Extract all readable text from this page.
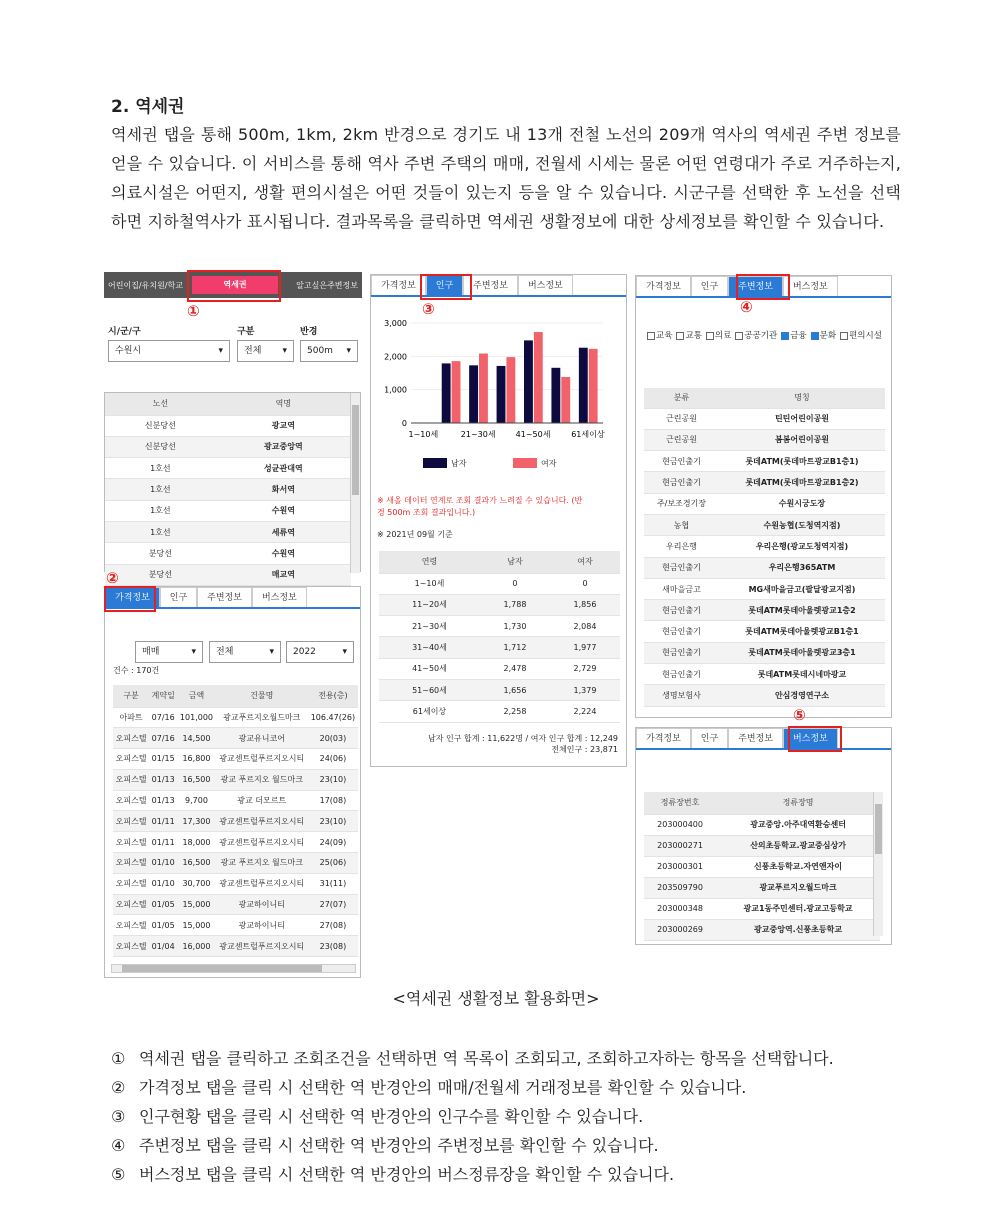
2. 역세권
역세권 탭을 통해 500m, 1km, 2km 반경으로 경기도 내 13개 전철 노선의 209개 역사의 역세권 주변 정보를 얻을 수 있습니다. 이 서비스를 통해 역사 주변 주택의 매매, 전월세 시세는 물론 어떤 연령대가 주로 거주하는지, 의료시설은 어떤지, 생활 편의시설은 어떤 것들이 있는지 등을 알 수 있습니다. 시군구를 선택한 후 노선을 선택하면 지하철역사가 표시됩니다. 결과목록을 클릭하면 역세권 생활정보에 대한 상세정보를 확인할 수 있습니다.
어린이집/유치원/학교	역세권	알고싶은주변정보
①
시/군/구	구분	반경
수원시	▾ 전체 ▾ 500m ▾
노선	역명
신분당선	광교역
신분당선	광교중앙역
1호선	성균관대역
1호선	화서역
1호선	수원역
1호선	세류역
분당선	수원역
분당선	매교역
②
가격정보	인구	주변정보	버스정보
매매	▾ 전체	▾ 2022	▾
건수 : 170건
구분	계약일	금액	건물명	전용(층)
아파트	07/16	101,000	광교푸르지오월드마크	106.47(26)
오피스텔	07/16	14,500	광교유니코어	20(03)
오피스텔	01/15	16,800	광교센트럴푸르지오시티	24(06)
오피스텔	01/13	16,500	광교 푸르지오 월드마크	23(10)
오피스텔	01/13	9,700	광교 더모르트	17(08)
오피스텔	01/11	17,300	광교센트럴푸르지오시티	23(10)
오피스텔	01/11	18,000	광교센트럴푸르지오시티	24(09)
오피스텔	01/10	16,500	광교 푸르지오 월드마크	25(06)
오피스텔	01/10	30,700	광교센트럴푸르지오시티	31(11)
오피스텔	01/05	15,000	광교하이니티	27(07)
오피스텔	01/05	15,000	광교하이니티	27(08)
오피스텔	01/04	16,000	광교센트럴푸르지오시티	23(08)
가격정보	인구	주변정보	버스정보
0
1,000
2,000
3,000
1~10세	21~30세	41~50세	61세이상
남자	여자
※ 새올 데이터 연계로 조회 결과가 느려질 수 있습니다. (반경 500m 조회 결과입니다.)
※ 2021년 09월 기준
연령	남자	여자
1~10세	0	0
11~20세	1,788	1,856
21~30세	1,730	2,084
31~40세	1,712	1,977
41~50세	2,478	2,729
51~60세	1,656	1,379
61세이상	2,258	2,224
남자 인구 합계 : 11,622명 / 여자 인구 합계 : 12,249
전체인구 : 23,871
③
가격정보	인구	주변정보	버스정보
교육 교통 의료 공공기관 금융 문화 편의시설
분류	명칭
근린공원	틴틴어린이공원
근린공원	봄봄어린이공원
현금인출기	롯데ATM(롯데마트광교B1층1)
현금인출기	롯데ATM(롯데마트광교B1층2)
주/보조경기장	수원시궁도장
농협	수원농협(도청역지점)
우리은행	우리은행(광교도청역지점)
현금인출기	우리은행365ATM
새마을금고	MG새마을금고(팔달광교지점)
현금인출기	롯데ATM롯데아울렛광교1층2
현금인출기	롯데ATM롯데아울렛광교B1층1
현금인출기	롯데ATM롯데아울렛광교3층1
현금인출기	롯데ATM롯데시네마광교
생명보험사	안심경영연구소
④
⑤
가격정보	인구	주변정보	버스정보
정류장번호	정류장명
203000400	광교중앙.아주대역환승센터
203000271	산의초등학교.광교중심상가
203000301	신풍초등학교.자연앤자이
203509790	광교푸르지오월드마크
203000348	광교1동주민센터.광교고등학교
203000269	광교중앙역.신풍초등학교
<역세권 생활정보 활용화면>
① 역세권 탭을 클릭하고 조회조건을 선택하면 역 목록이 조회되고, 조회하고자하는 항목을 선택합니다.
② 가격정보 탭을 클릭 시 선택한 역 반경안의 매매/전월세 거래정보를 확인할 수 있습니다.
③ 인구현황 탭을 클릭 시 선택한 역 반경안의 인구수를 확인할 수 있습니다.
④ 주변정보 탭을 클릭 시 선택한 역 반경안의 주변정보를 확인할 수 있습니다.
⑤ 버스정보 탭을 클릭 시 선택한 역 반경안의 버스정류장을 확인할 수 있습니다.
